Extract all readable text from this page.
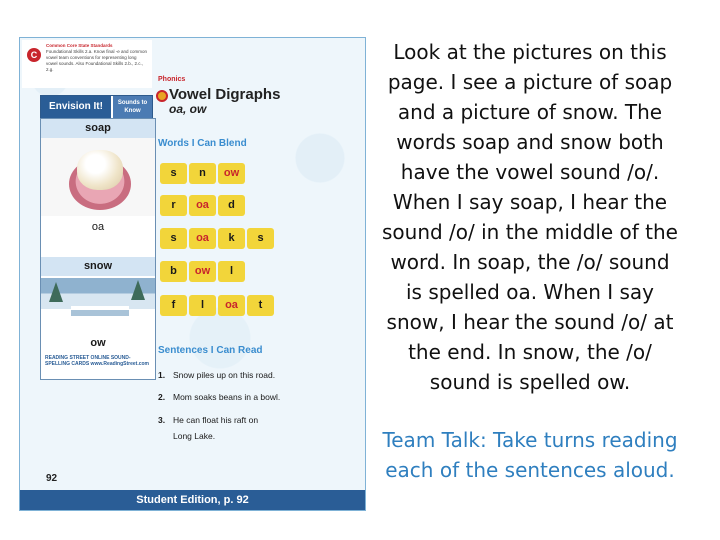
C
Common Core State Standards
Foundational Skills 2.a. Know final -e and common vowel team conventions for representing long vowel sounds. Also Foundational Skills 2.b., 2.c., 2.g.
Envision It!	Sounds to Know
soap
oa
snow
ow
READING STREET ONLINE SOUND-SPELLING CARDS www.ReadingStreet.com
Phonics
Vowel Digraphs
oa, ow
Words I Can Blend
s	n	ow
r	oa	d
s	oa	k	s
b	ow	l
f	l	oa	t
Sentences I Can Read
1. Snow piles up on this road.
2. Mom soaks beans in a bowl.
3. He can float his raft on
Long Lake.
92
Student Edition, p. 92
Look at the pictures on this page. I see a picture of soap and a picture of snow. The words soap and snow both have the vowel sound /o/. When I say soap, I hear the sound /o/ in the middle of the word. In soap, the /o/ sound is spelled oa. When I say snow, I hear the sound /o/ at the end. In snow, the /o/ sound is spelled ow.
Team Talk: Take turns reading each of the sentences aloud.
